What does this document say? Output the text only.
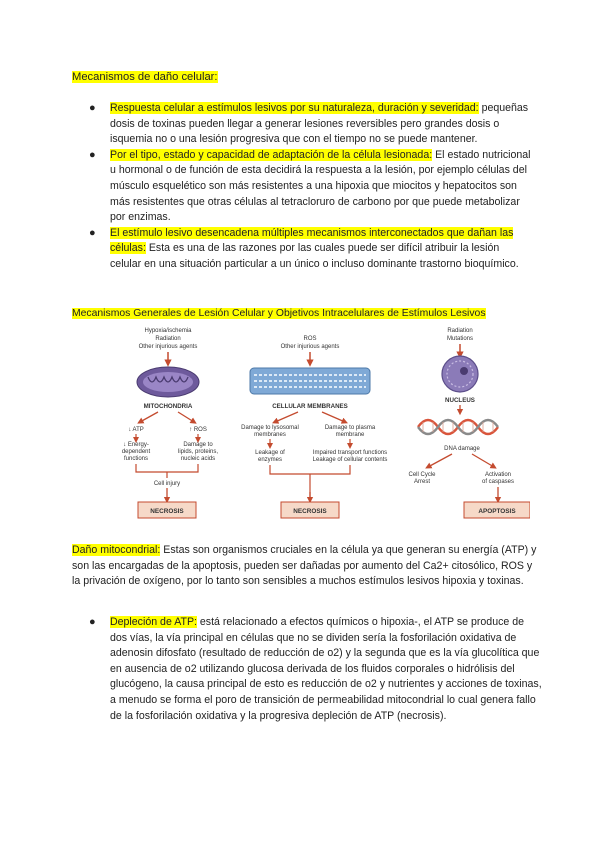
Mecanismos de daño celular:
● Respuesta celular a estímulos lesivos por su naturaleza, duración y severidad: pequeñas dosis de toxinas pueden llegar a generar lesiones reversibles pero grandes dosis o isquemia no o una lesión progresiva que con el tiempo no se puede mantener.
● Por el tipo, estado y capacidad de adaptación de la célula lesionada: El estado nutricional u hormonal o de función de esta decidirá la respuesta a la lesión, por ejemplo células del músculo esquelético son más resistentes a una hipoxia que miocitos y hepatocitos son más resistentes que otras células al tetracloruro de carbono por que puede metabolizar por enzimas.
● El estímulo lesivo desencadena múltiples mecanismos interconectados que dañan las células: Esta es una de las razones por las cuales puede ser difícil atribuir la lesión celular en una situación particular a un único o incluso dominante trastorno bioquímico.
Mecanismos Generales de Lesión Celular y Objetivos Intracelulares de Estímulos Lesivos
Hypoxia/ischemia
Radiation
Other injurious agents
MITOCHONDRIA
↓ ATP
↓ Energy-
dependent
functions
↑ ROS
Damage to
lipids, proteins,
nucleic acids
Cell injury
NECROSIS
ROS
Other injurious agents
CELLULAR MEMBRANES
Damage to lysosomal
membranes
Leakage of
enzymes
Damage to plasma
membrane
Impaired transport functions
Leakage of cellular contents
NECROSIS
Radiation
Mutations
NUCLEUS
DNA damage
Cell Cycle
Arrest
Activation
of caspases
APOPTOSIS

Daño mitocondrial: Estas son organismos cruciales en la célula ya que generan su energía (ATP) y son las encargadas de la apoptosis, pueden ser dañadas por aumento del Ca2+ citosólico, ROS y la privación de oxígeno, por lo tanto son sensibles a muchos estímulos lesivos hipoxia y toxinas.

● Depleción de ATP: está relacionado a efectos químicos o hipoxia-, el ATP se produce de dos vías, la vía principal en células que no se dividen sería la fosforilación oxidativa de adenosin difosfato (resultado de reducción de o2) y la segunda que es la vía glucolítica que en ausencia de o2 utilizando glucosa derivada de los fluidos corporales o hidrólisis del glucógeno, la causa principal de esto es reducción de o2 y nutrientes y acciones de toxinas, a menudo se forma el poro de transición de permeabilidad mitocondrial lo cual genera fallo de la fosforilación oxidativa y la progresiva depleción de ATP (necrosis).
